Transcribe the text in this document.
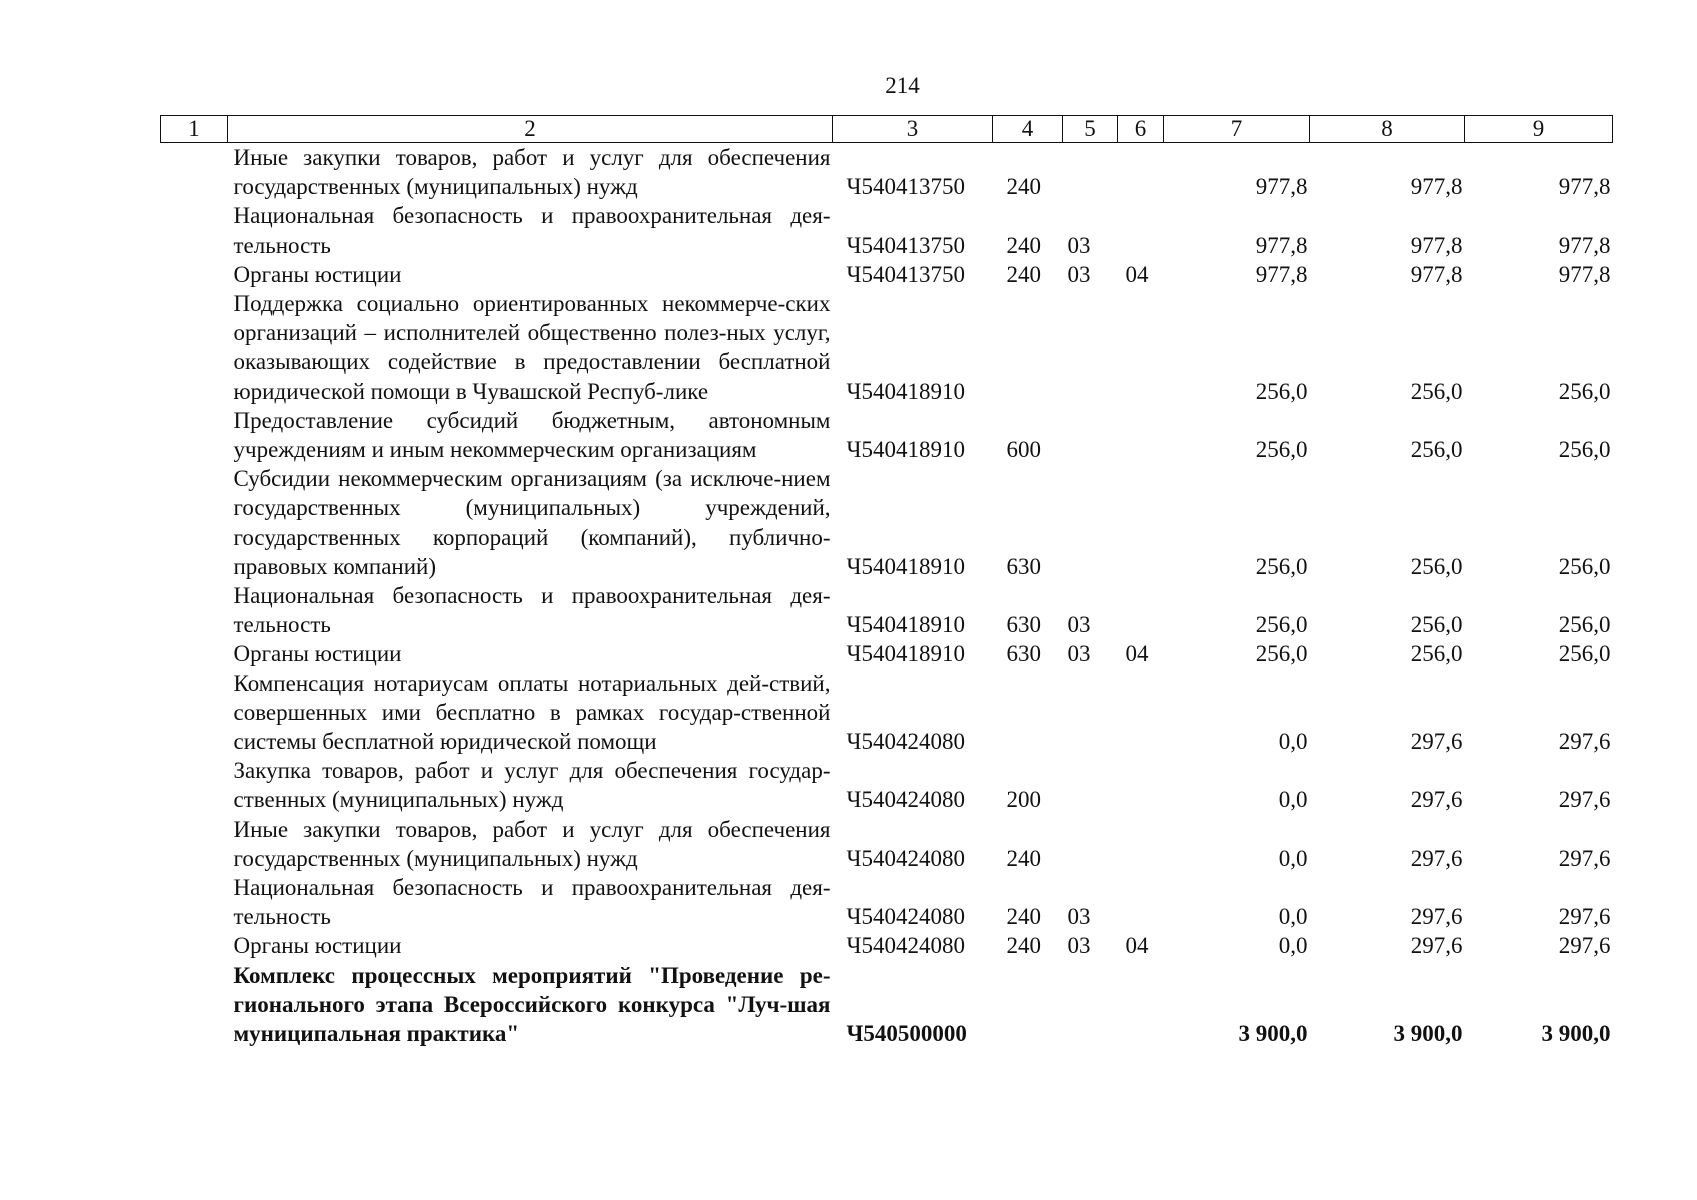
214
1	2	3	4	5	6	7	8	9
	Иные закупки товаров, работ и услуг для обеспечения государственных (муниципальных) нужд	Ч540413750	240			977,8	977,8	977,8
	Национальная безопасность и правоохранительная дея-тельность	Ч540413750	240	03		977,8	977,8	977,8
	Органы юстиции	Ч540413750	240	03	04	977,8	977,8	977,8
	Поддержка социально ориентированных некоммерче-ских организаций – исполнителей общественно полез-ных услуг, оказывающих содействие в предоставлении бесплатной юридической помощи в Чувашской Респуб-лике	Ч540418910				256,0	256,0	256,0
	Предоставление субсидий бюджетным, автономным учреждениям и иным некоммерческим организациям	Ч540418910	600			256,0	256,0	256,0
	Субсидии некоммерческим организациям (за исключе-нием государственных (муниципальных) учреждений, государственных корпораций (компаний), публично-правовых компаний)	Ч540418910	630			256,0	256,0	256,0
	Национальная безопасность и правоохранительная дея-тельность	Ч540418910	630	03		256,0	256,0	256,0
	Органы юстиции	Ч540418910	630	03	04	256,0	256,0	256,0
	Компенсация нотариусам оплаты нотариальных дей-ствий, совершенных ими бесплатно в рамках государ-ственной системы бесплатной юридической помощи	Ч540424080				0,0	297,6	297,6
	Закупка товаров, работ и услуг для обеспечения государ-ственных (муниципальных) нужд	Ч540424080	200			0,0	297,6	297,6
	Иные закупки товаров, работ и услуг для обеспечения государственных (муниципальных) нужд	Ч540424080	240			0,0	297,6	297,6
	Национальная безопасность и правоохранительная дея-тельность	Ч540424080	240	03		0,0	297,6	297,6
	Органы юстиции	Ч540424080	240	03	04	0,0	297,6	297,6
	Комплекс процессных мероприятий "Проведение ре-гионального этапа Всероссийского конкурса "Луч-шая муниципальная практика"	Ч540500000				3 900,0	3 900,0	3 900,0
